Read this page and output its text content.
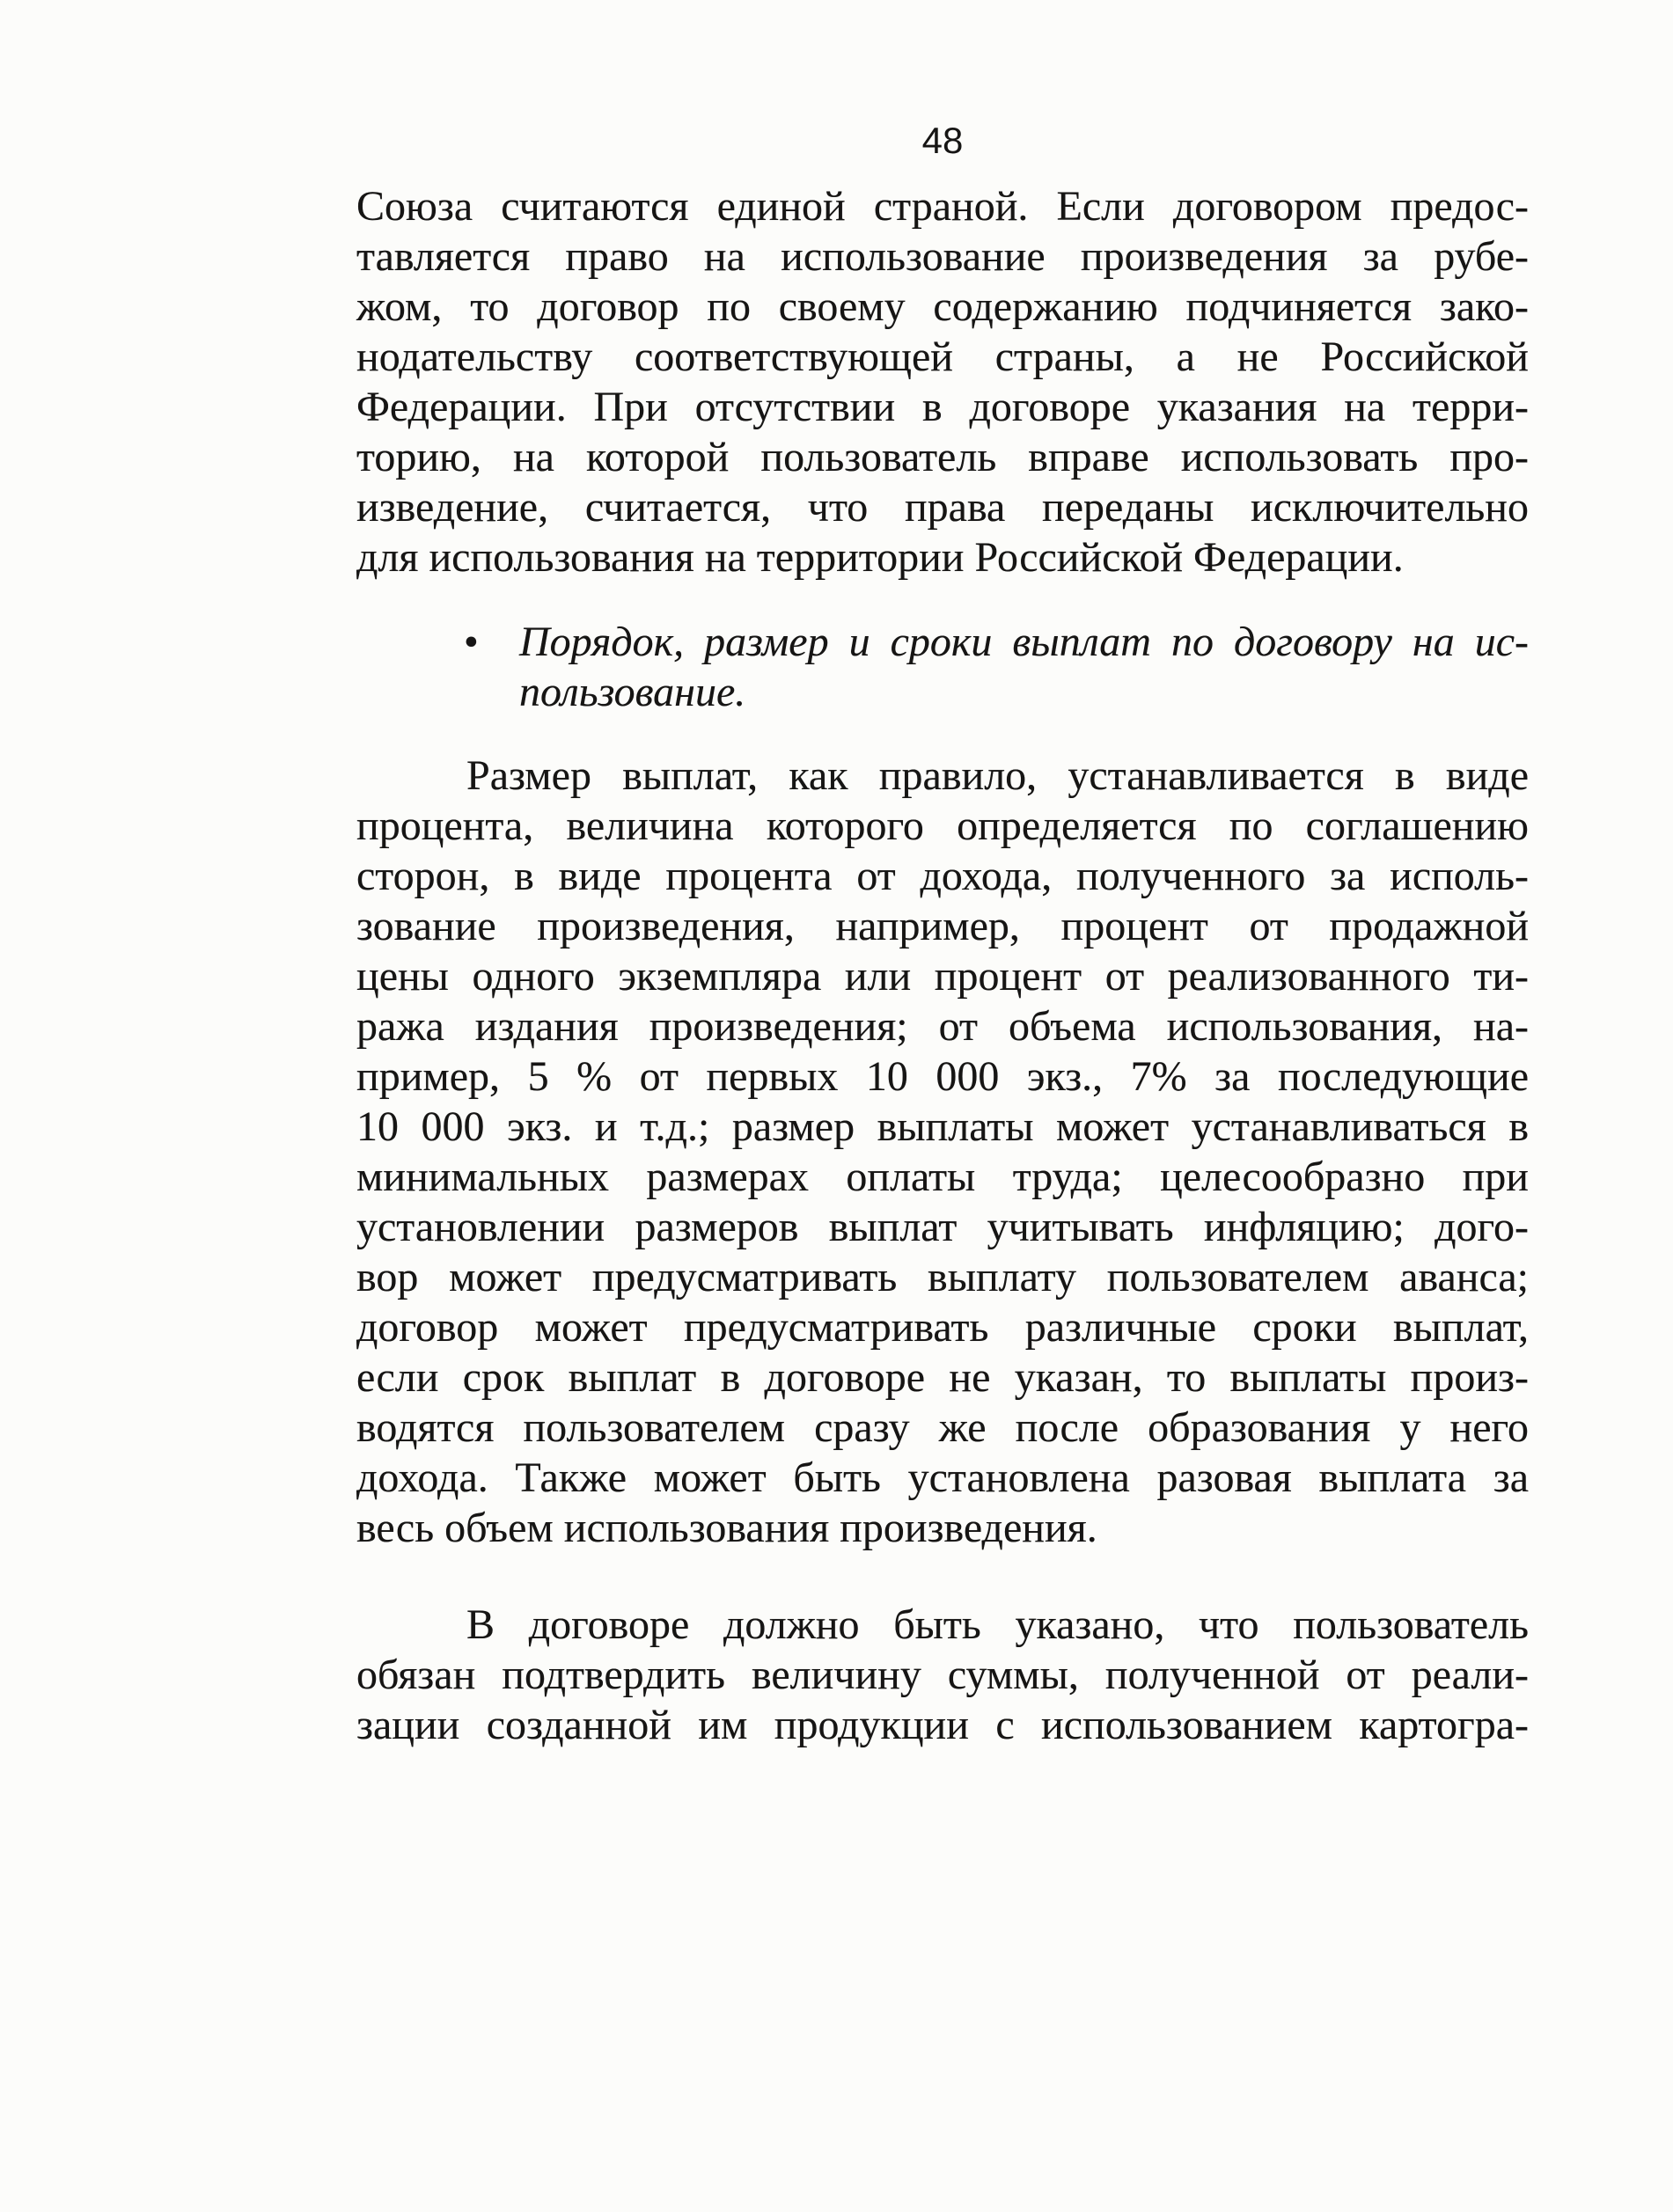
48
Союза считаются единой страной. Если договором предос-
тавляется право на использование произведения за рубе-
жом, то договор по своему содержанию подчиняется зако-
нодательству соответствующей страны, а не Российской
Федерации. При отсутствии в договоре указания на терри-
торию, на которой пользователь вправе использовать про-
изведение, считается, что права переданы исключительно
для использования на территории Российской Федерации.
• Порядок, размер и сроки выплат по договору на ис-
пользование.
Размер выплат, как правило, устанавливается в виде
процента, величина которого определяется по соглашению
сторон, в виде процента от дохода, полученного за исполь-
зование произведения, например, процент от продажной
цены одного экземпляра или процент от реализованного ти-
ража издания произведения; от объема использования, на-
пример, 5 % от первых 10 000 экз., 7% за последующие
10 000 экз. и т.д.; размер выплаты может устанавливаться в
минимальных размерах оплаты труда; целесообразно при
установлении размеров выплат учитывать инфляцию; дого-
вор может предусматривать выплату пользователем аванса;
договор может предусматривать различные сроки выплат,
если срок выплат в договоре не указан, то выплаты произ-
водятся пользователем сразу же после образования у него
дохода. Также может быть установлена разовая выплата за
весь объем использования произведения.
В договоре должно быть указано, что пользователь
обязан подтвердить величину суммы, полученной от реали-
зации созданной им продукции с использованием картогра-
